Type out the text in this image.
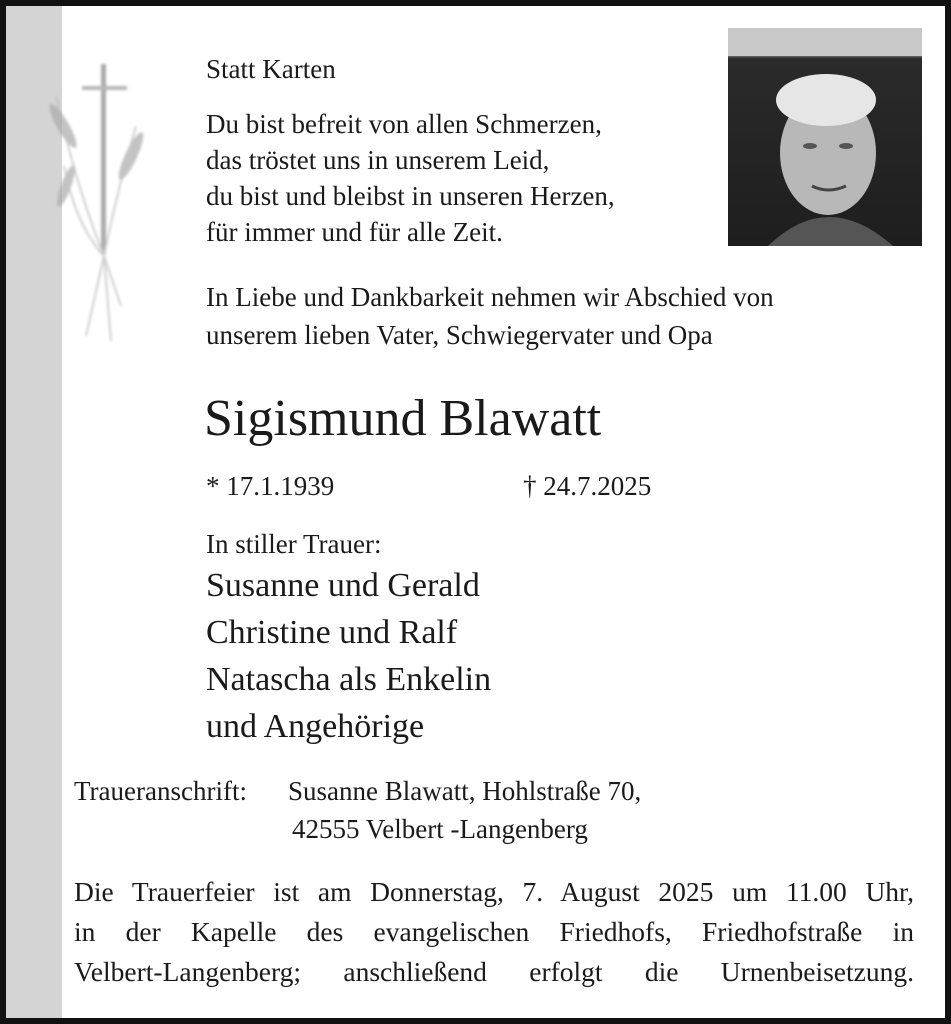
Statt Karten
Du bist befreit von allen Schmerzen,
das tröstet uns in unserem Leid,
du bist und bleibst in unseren Herzen,
für immer und für alle Zeit.
In Liebe und Dankbarkeit nehmen wir Abschied von
unserem lieben Vater, Schwiegervater und Opa
Sigismund Blawatt
* 17.1.1939	† 24.7.2025
In stiller Trauer:
Susanne und Gerald
Christine und Ralf
Natascha als Enkelin
und Angehörige
Traueranschrift: Susanne Blawatt, Hohlstraße 70,
42555 Velbert -Langenberg
Die Trauerfeier ist am Donnerstag, 7. August 2025 um 11.00 Uhr,
in der Kapelle des evangelischen Friedhofs, Friedhofstraße in
Velbert-Langenberg; anschließend erfolgt die Urnenbeisetzung.
